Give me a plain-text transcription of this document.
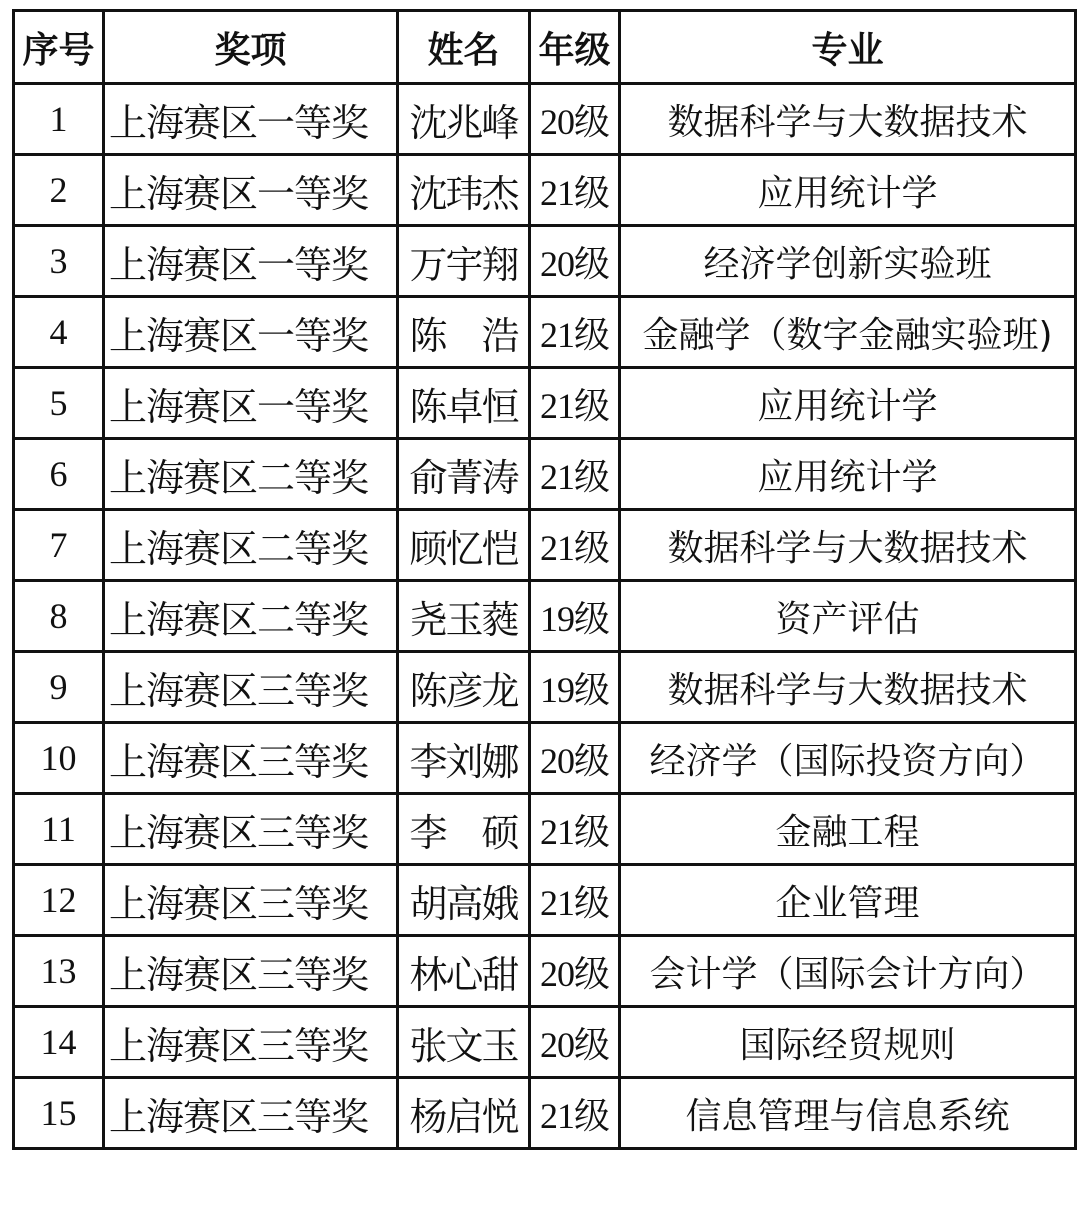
序号	奖项	姓名	年级	专业
1	上海赛区一等奖	沈兆峰	20级	数据科学与大数据技术
2	上海赛区一等奖	沈玮杰	21级	应用统计学
3	上海赛区一等奖	万宇翔	20级	经济学创新实验班
4	上海赛区一等奖	陈　浩	21级	金融学（数字金融实验班)
5	上海赛区一等奖	陈卓恒	21级	应用统计学
6	上海赛区二等奖	俞菁涛	21级	应用统计学
7	上海赛区二等奖	顾忆恺	21级	数据科学与大数据技术
8	上海赛区二等奖	尧玉蕤	19级	资产评估
9	上海赛区三等奖	陈彦龙	19级	数据科学与大数据技术
10	上海赛区三等奖	李刘娜	20级	经济学（国际投资方向）
11	上海赛区三等奖	李　硕	21级	金融工程
12	上海赛区三等奖	胡高娥	21级	企业管理
13	上海赛区三等奖	林心甜	20级	会计学（国际会计方向）
14	上海赛区三等奖	张文玉	20级	国际经贸规则
15	上海赛区三等奖	杨启悦	21级	信息管理与信息系统
